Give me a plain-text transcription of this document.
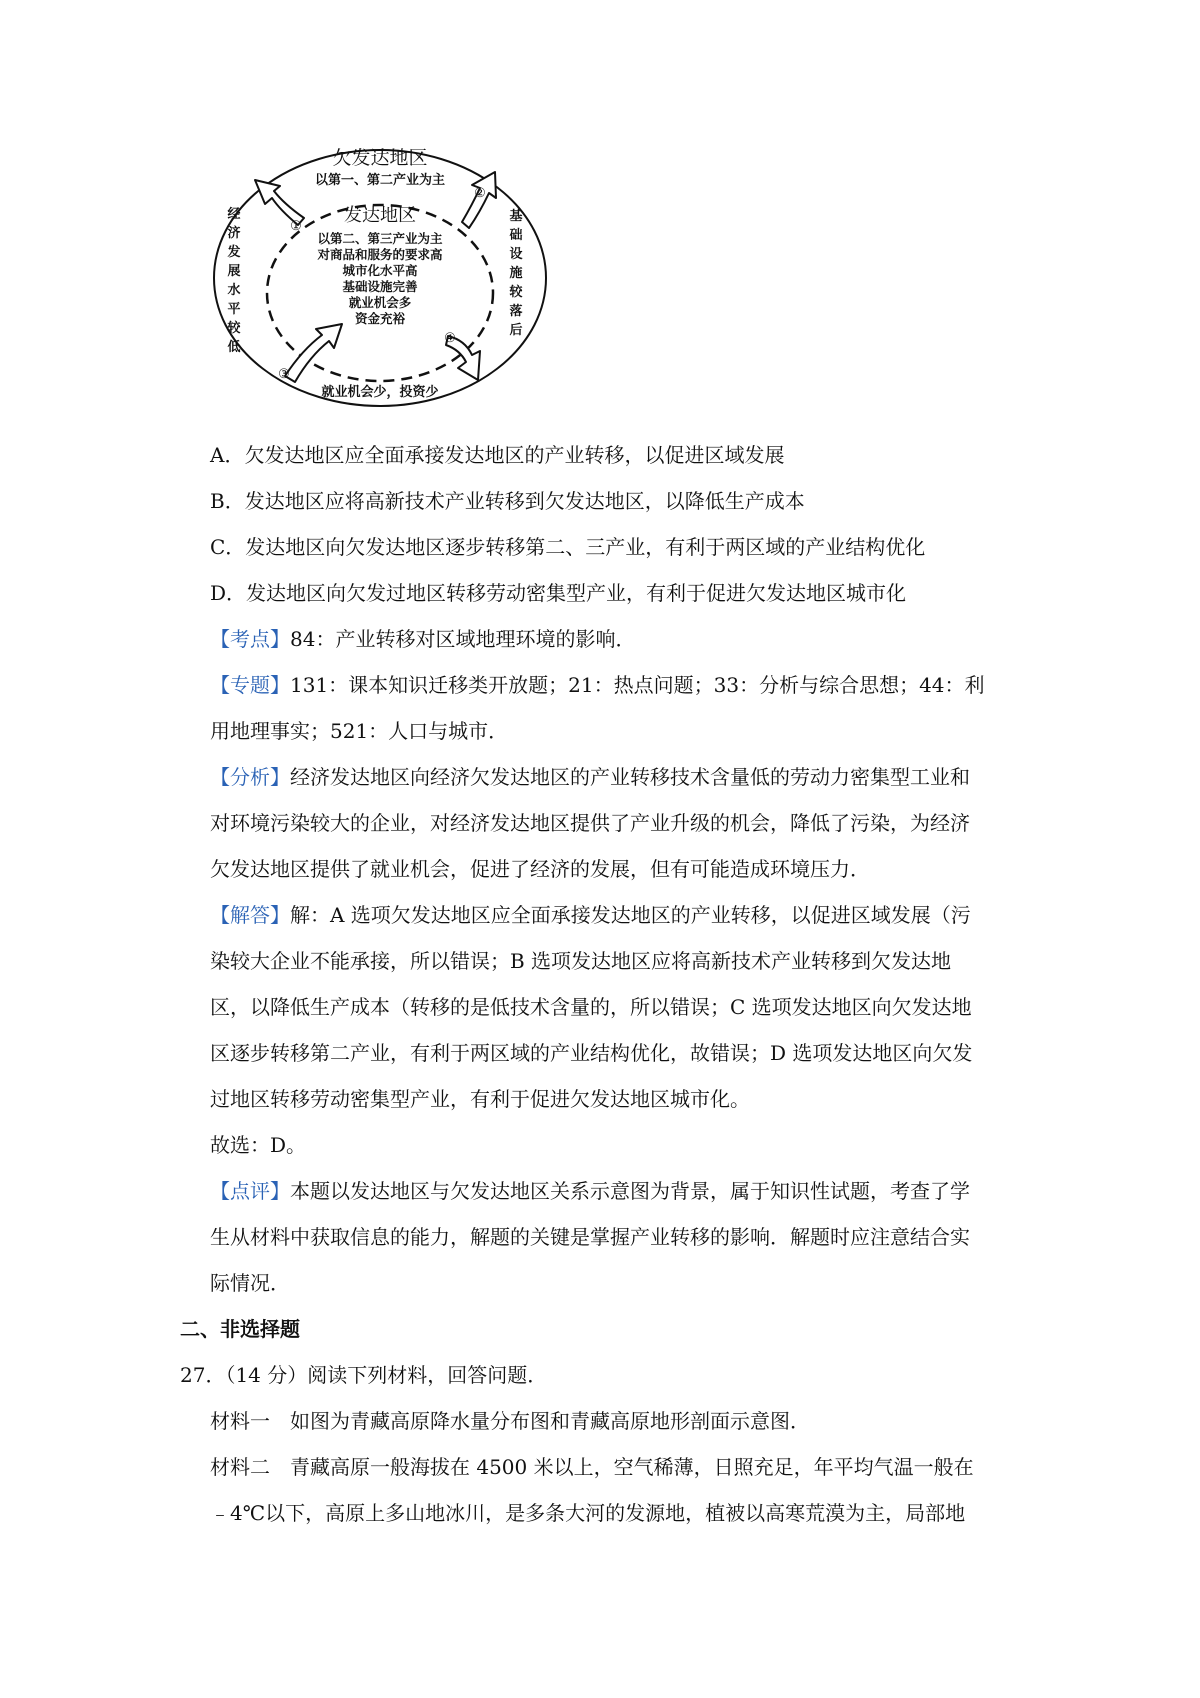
欠发达地区
以第一、第二产业为主
发达地区
以第二、第三产业为主
对商品和服务的要求高
城市化水平高
基础设施完善
就业机会多
资金充裕
经
济
发
展
水
平
较
低
基
础
设
施
较
落
后
就业机会少，投资少
①
②
③
④

A．欠发达地区应全面承接发达地区的产业转移，以促进区域发展

B．发达地区应将高新技术产业转移到欠发达地区，以降低生产成本

C．发达地区向欠发达地区逐步转移第二、三产业，有利于两区域的产业结构优化

D．发达地区向欠发过地区转移劳动密集型产业，有利于促进欠发达地区城市化

【考点】84：产业转移对区域地理环境的影响．

【专题】131：课本知识迁移类开放题；21：热点问题；33：分析与综合思想；44：利

用地理事实；521：人口与城市．

【分析】经济发达地区向经济欠发达地区的产业转移技术含量低的劳动力密集型工业和

对环境污染较大的企业，对经济发达地区提供了产业升级的机会，降低了污染，为经济

欠发达地区提供了就业机会，促进了经济的发展，但有可能造成环境压力．

【解答】解：A 选项欠发达地区应全面承接发达地区的产业转移，以促进区域发展（污

染较大企业不能承接，所以错误；B 选项发达地区应将高新技术产业转移到欠发达地

区，以降低生产成本（转移的是低技术含量的，所以错误；C 选项发达地区向欠发达地

区逐步转移第二产业，有利于两区域的产业结构优化，故错误；D 选项发达地区向欠发

过地区转移劳动密集型产业，有利于促进欠发达地区城市化。

故选：D。

【点评】本题以发达地区与欠发达地区关系示意图为背景，属于知识性试题，考查了学

生从材料中获取信息的能力，解题的关键是掌握产业转移的影响．解题时应注意结合实

际情况．

二、非选择题

27．（14 分）阅读下列材料，回答问题．

材料一　如图为青藏高原降水量分布图和青藏高原地形剖面示意图．

材料二　青藏高原一般海拔在 4500 米以上，空气稀薄，日照充足，年平均气温一般在

﹣4℃以下，高原上多山地冰川，是多条大河的发源地，植被以高寒荒漠为主，局部地
